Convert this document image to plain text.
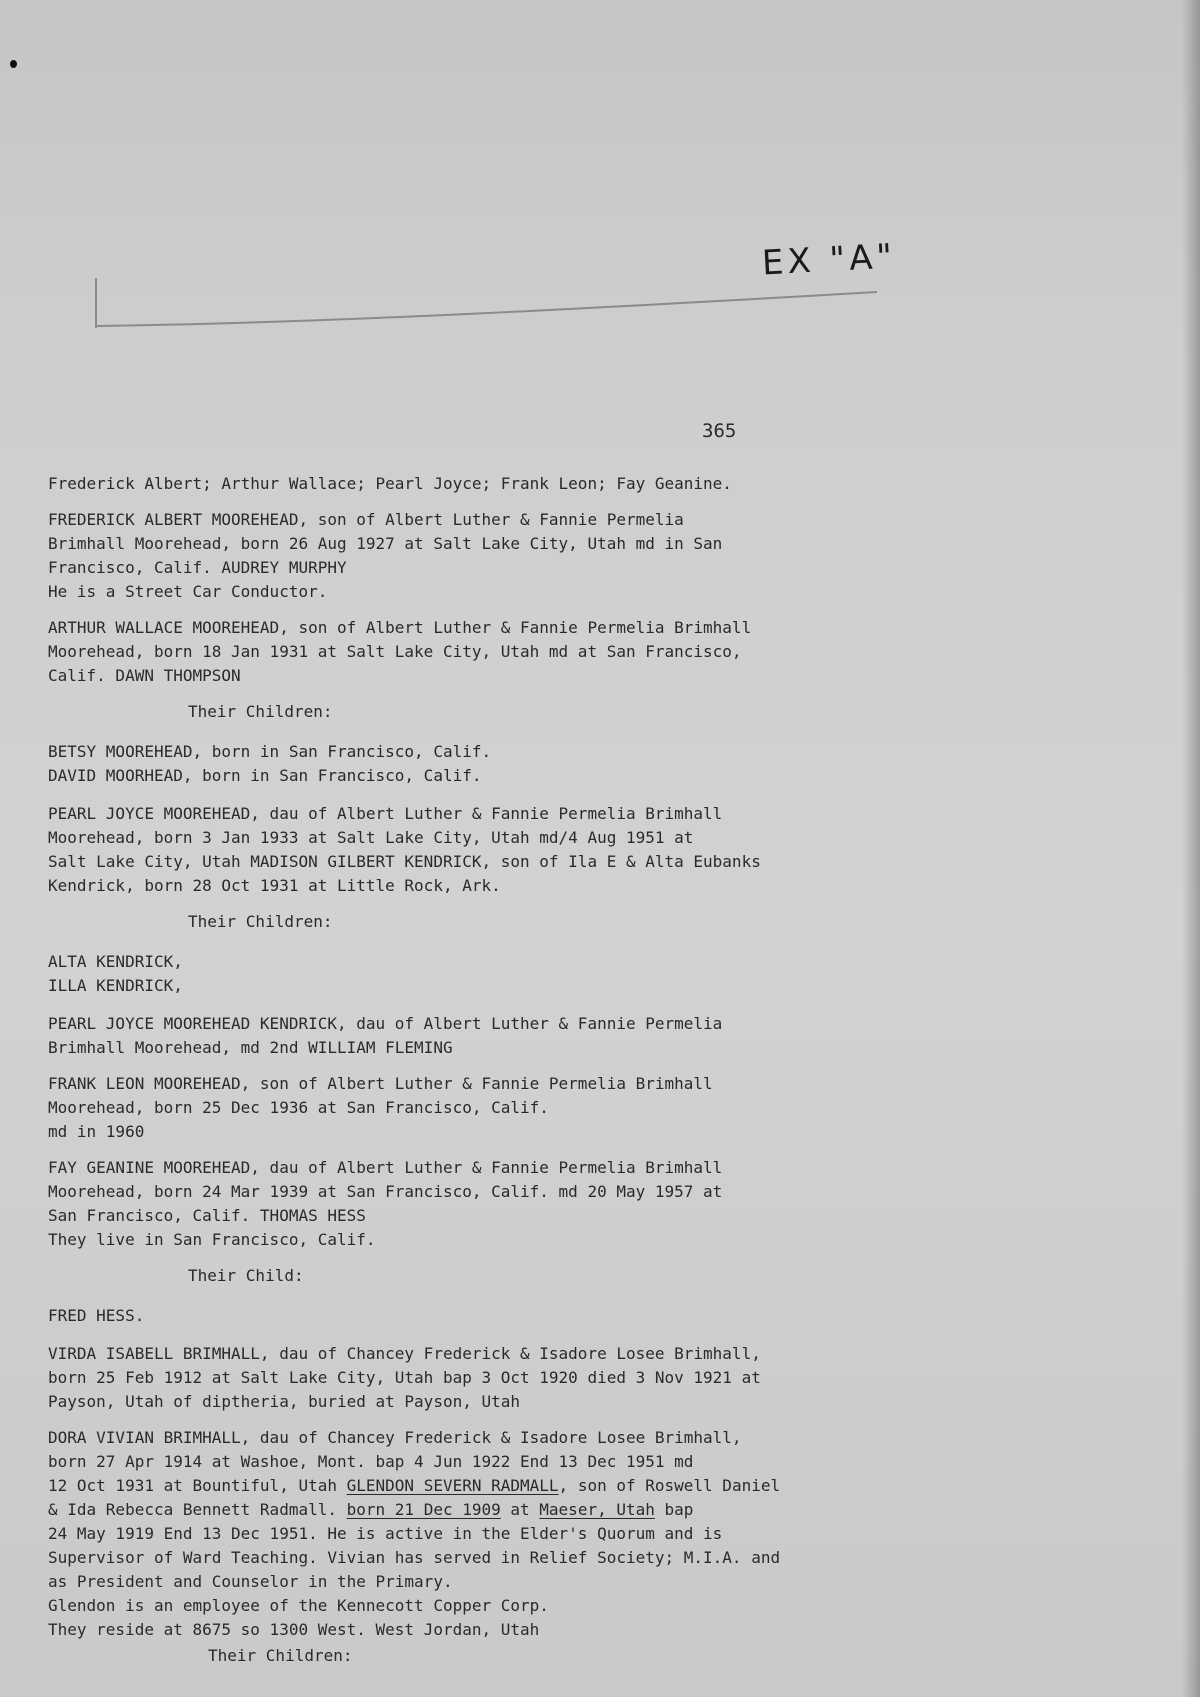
EX "A"
365
Frederick Albert; Arthur Wallace; Pearl Joyce; Frank Leon; Fay Geanine.
FREDERICK ALBERT MOOREHEAD, son of Albert Luther & Fannie Permelia
Brimhall Moorehead, born 26 Aug 1927 at Salt Lake City, Utah md in San
Francisco, Calif. AUDREY MURPHY
He is a Street Car Conductor.
ARTHUR WALLACE MOOREHEAD, son of Albert Luther & Fannie Permelia Brimhall
Moorehead, born 18 Jan 1931 at Salt Lake City, Utah md at San Francisco,
Calif. DAWN THOMPSON
Their Children:
BETSY MOOREHEAD, born in San Francisco, Calif.
DAVID MOORHEAD, born in San Francisco, Calif.
PEARL JOYCE MOOREHEAD, dau of Albert Luther & Fannie Permelia Brimhall
Moorehead, born 3 Jan 1933 at Salt Lake City, Utah md/4 Aug 1951 at
Salt Lake City, Utah MADISON GILBERT KENDRICK, son of Ila E & Alta Eubanks
Kendrick, born 28 Oct 1931 at Little Rock, Ark.
Their Children:
ALTA KENDRICK,
ILLA KENDRICK,
PEARL JOYCE MOOREHEAD KENDRICK, dau of Albert Luther & Fannie Permelia
Brimhall Moorehead, md 2nd WILLIAM FLEMING
FRANK LEON MOOREHEAD, son of Albert Luther & Fannie Permelia Brimhall
Moorehead, born 25 Dec 1936 at San Francisco, Calif.
md in 1960
FAY GEANINE MOOREHEAD, dau of Albert Luther & Fannie Permelia Brimhall
Moorehead, born 24 Mar 1939 at San Francisco, Calif. md 20 May 1957 at
San Francisco, Calif. THOMAS HESS
They live in San Francisco, Calif.
Their Child:
FRED HESS.
VIRDA ISABELL BRIMHALL, dau of Chancey Frederick & Isadore Losee Brimhall,
born 25 Feb 1912 at Salt Lake City, Utah bap 3 Oct 1920 died 3 Nov 1921 at
Payson, Utah of diptheria, buried at Payson, Utah
DORA VIVIAN BRIMHALL, dau of Chancey Frederick & Isadore Losee Brimhall,
born 27 Apr 1914 at Washoe, Mont. bap 4 Jun 1922 End 13 Dec 1951 md
12 Oct 1931 at Bountiful, Utah GLENDON SEVERN RADMALL, son of Roswell Daniel
& Ida Rebecca Bennett Radmall. born 21 Dec 1909 at Maeser, Utah bap
24 May 1919 End 13 Dec 1951. He is active in the Elder's Quorum and is
Supervisor of Ward Teaching. Vivian has served in Relief Society; M.I.A. and
as President and Counselor in the Primary.
Glendon is an employee of the Kennecott Copper Corp.
They reside at 8675 so 1300 West. West Jordan, Utah
Their Children:
